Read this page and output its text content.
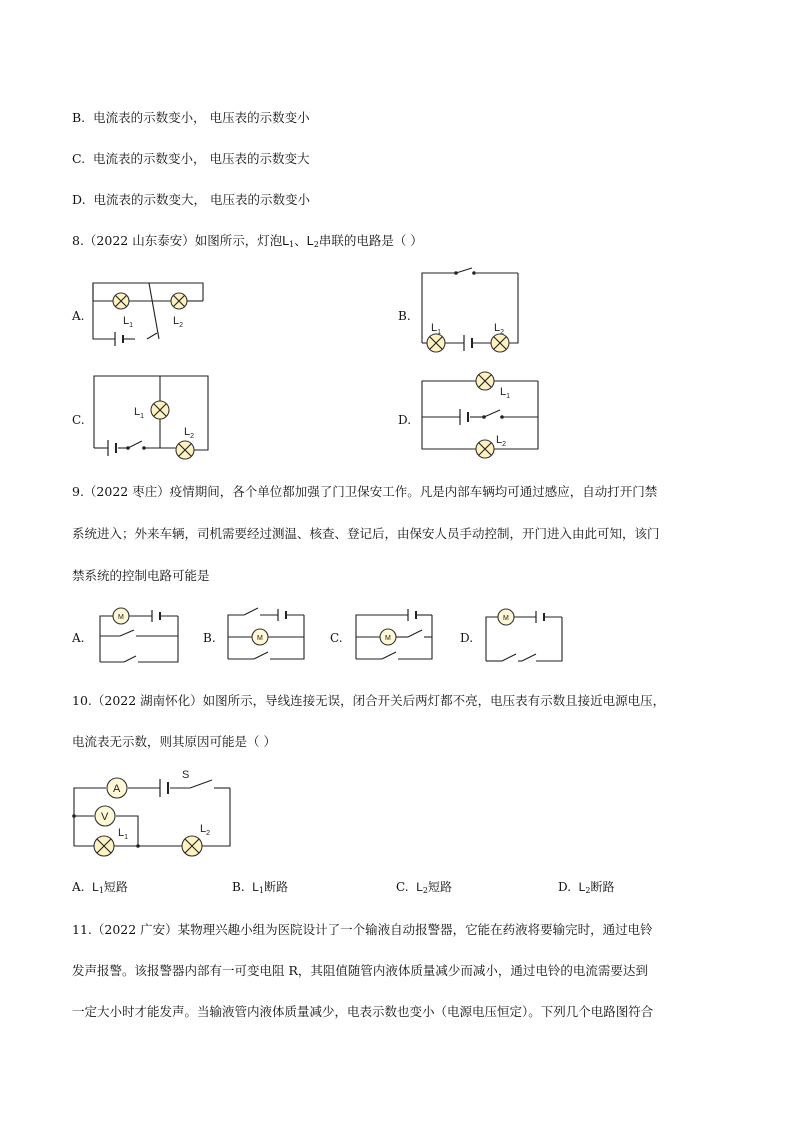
B. 电流表的示数变小， 电压表的示数变小
C. 电流表的示数变小， 电压表的示数变大
D. 电流表的示数变大， 电压表的示数变小
8.（2022 山东泰安）如图所示，灯泡$L_1$、$L_2$串联的电路是（ ）
A.	$L_1$	$L_2$
B.
$L_1$	$L_2$
C.
$L_1$
$L_2$
D.
$L_1$
$L_2$
9.（2022 枣庄）疫情期间，各个单位都加强了门卫保安工作。凡是内部车辆均可通过感应，自动打开门禁
系统进入；外来车辆，司机需要经过测温、核查、登记后，由保安人员手动控制，开门进入由此可知，该门
禁系统的控制电路可能是
A.
M
B.	M	C.	M	D.
M
10.（2022 湖南怀化）如图所示，导线连接无误，闭合开关后两灯都不亮，电压表有示数且接近电源电压，
电流表无示数，则其原因可能是（ ）
A
S
V
$L_1$
$L_2$
A. $L_1$短路	B. $L_1$断路	C. $L_2$短路	D. $L_2$断路
11.（2022 广安）某物理兴趣小组为医院设计了一个输液自动报警器，它能在药液将要输完时，通过电铃
发声报警。该报警器内部有一可变电阻 R，其阻值随管内液体质量减少而减小，通过电铃的电流需要达到
一定大小时才能发声。当输液管内液体质量减少，电表示数也变小（电源电压恒定）。下列几个电路图符合
